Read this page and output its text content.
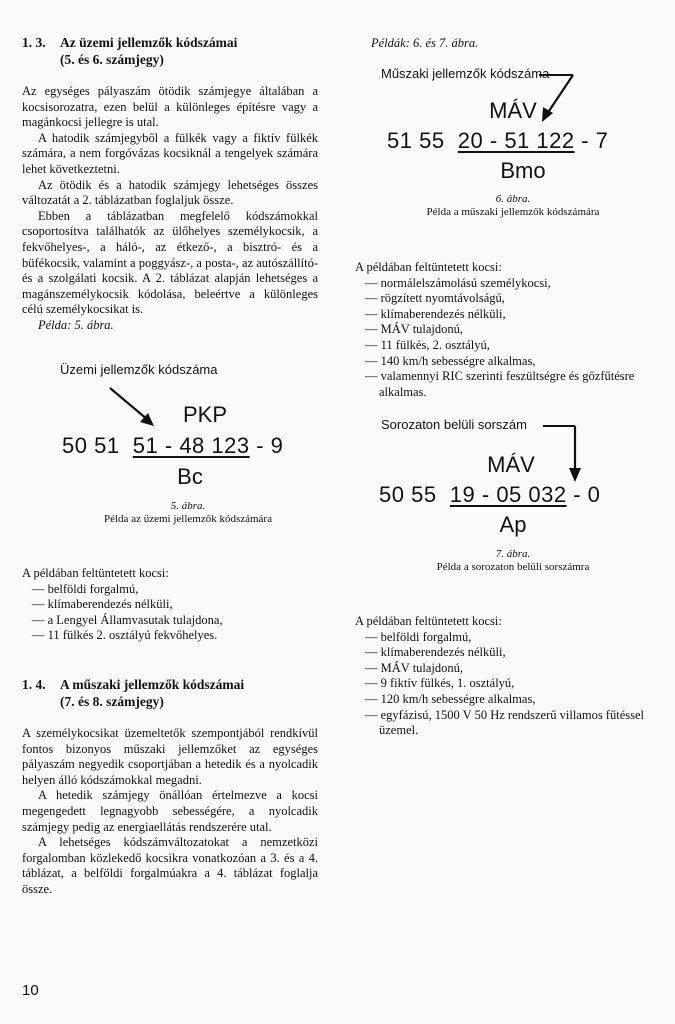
1. 3. Az üzemi jellemzők kódszámai
(5. és 6. számjegy)

Az egységes pályaszám ötödik számjegye általában a kocsisorozatra, ezen belül a különleges építésre vagy a magánkocsi jellegre is utal.

A hatodik számjegyből a fülkék vagy a fiktív fülkék számára, a nem forgóvázas kocsiknál a tengelyek számára lehet következtetni.

Az ötödik és a hatodik számjegy lehetséges összes változatát a 2. táblázatban foglaljuk össze.

Ebben a táblázatban megfelelő kódszámokkal csoportosítva találhatók az ülőhelyes személykocsik, a fekvőhelyes-, a háló-, az étkező-, a bisztró- és a büfékocsik, valamint a poggyász-, a posta-, az autószállító- és a szolgálati kocsik. A 2. táblázat alapján lehetséges a magánszemélykocsik kódolása, beleértve a különleges célú személykocsikat is.

Példa: 5. ábra.

Üzemi jellemzők kódszáma
PKP
50 51 51 - 48 123 - 9
Bc
5. ábra.
Példa az üzemi jellemzők kódszámára

A példában feltüntetett kocsi:

— belföldi forgalmú,
— klímaberendezés nélküli,
— a Lengyel Államvasutak tulajdona,
— 11 fülkés 2. osztályú fekvőhelyes.
1. 4. A műszaki jellemzők kódszámai
(7. és 8. számjegy)

A személykocsikat üzemeltetők szempontjából rendkívül fontos bizonyos műszaki jellemzőket az egységes pályaszám negyedik csoportjában a hetedik és a nyolcadik helyen álló kódszámokkal megadni.

A hetedik számjegy önállóan értelmezve a kocsi megengedett legnagyobb sebességére, a nyolcadik számjegy pedig az energiaellátás rendszerére utal.

A lehetséges kódszámváltozatokat a nemzetközi forgalomban közlekedő kocsikra vonatkozóan a 3. és a 4. táblázat, a belföldi forgalmúakra a 4. táblázat foglalja össze.

10
Példák: 6. és 7. ábra.
Műszaki jellemzők kódszáma
MÁV
51 55 20 - 51 122 - 7
Bmo
6. ábra.
Példa a műszaki jellemzők kódszámára

A példában feltüntetett kocsi:

— normálelszámolású személykocsi,
— rögzített nyomtávolságú,
— klímaberendezés nélküli,
— MÁV tulajdonú,
— 11 fülkés, 2. osztályú,
— 140 km/h sebességre alkalmas,
— valamennyi RIC szerinti feszültségre és gőzfűtésre alkalmas.
Sorozaton belüli sorszám
MÁV
50 55 19 - 05 032 - 0
Ap
7. ábra.
Példa a sorozaton belüli sorszámra

A példában feltüntetett kocsi:

— belföldi forgalmú,
— klímaberendezés nélküli,
— MÁV tulajdonú,
— 9 fiktív fülkés, 1. osztályú,
— 120 km/h sebességre alkalmas,
— egyfázisú, 1500 V 50 Hz rendszerű villamos fűtéssel üzemel.
